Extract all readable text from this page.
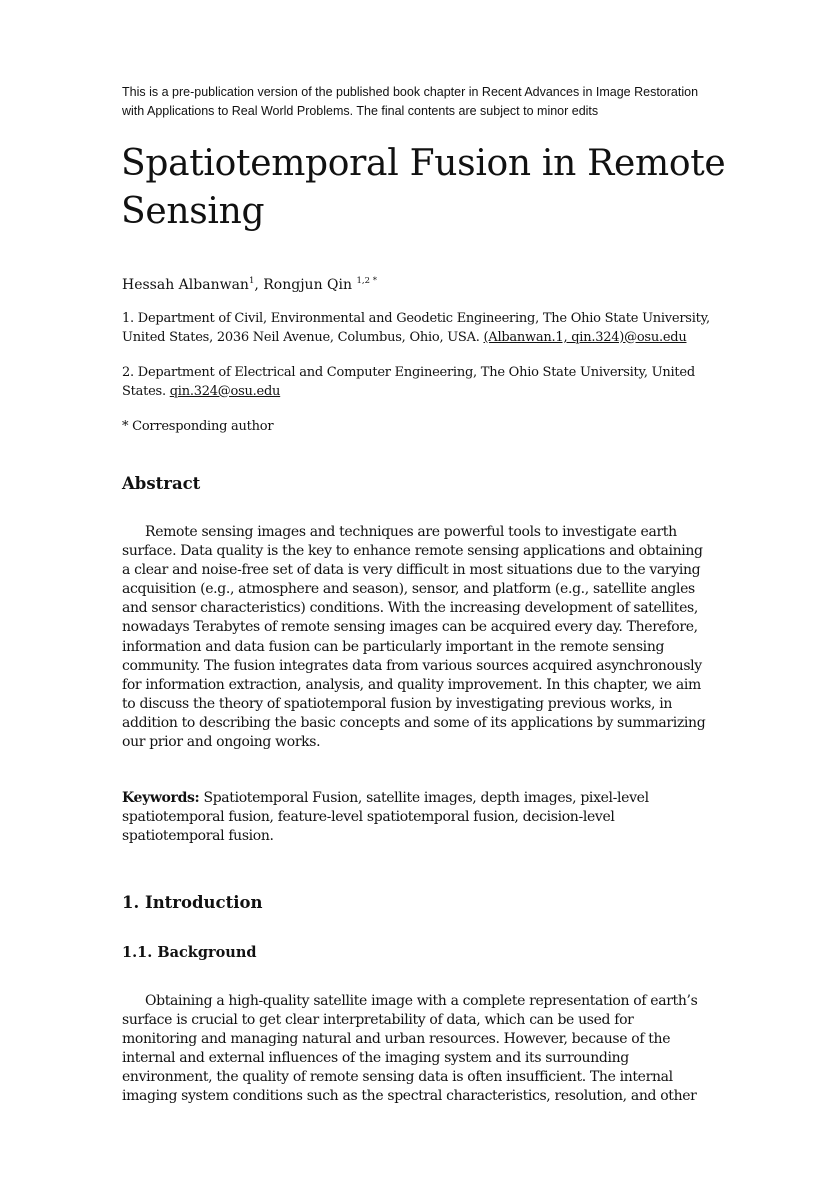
This is a pre-publication version of the published book chapter in Recent Advances in Image Restoration with Applications to Real World Problems. The final contents are subject to minor edits
Spatiotemporal Fusion in Remote
Sensing
Hessah Albanwan$^1$, Rongjun Qin $^{1,2 *}$
1. Department of Civil, Environmental and Geodetic Engineering, The Ohio State University, United States, 2036 Neil Avenue, Columbus, Ohio, USA. (Albanwan.1, qin.324)@osu.edu
2. Department of Electrical and Computer Engineering, The Ohio State University, United States. qin.324@osu.edu
* Corresponding author
Abstract

Remote sensing images and techniques are powerful tools to investigate earth surface. Data quality is the key to enhance remote sensing applications and obtaining a clear and noise-free set of data is very difficult in most situations due to the varying acquisition (e.g., atmosphere and season), sensor, and platform (e.g., satellite angles and sensor characteristics) conditions. With the increasing development of satellites, nowadays Terabytes of remote sensing images can be acquired every day. Therefore, information and data fusion can be particularly important in the remote sensing community. The fusion integrates data from various sources acquired asynchronously for information extraction, analysis, and quality improvement. In this chapter, we aim to discuss the theory of spatiotemporal fusion by investigating previous works, in addition to describing the basic concepts and some of its applications by summarizing our prior and ongoing works.

Keywords: Spatiotemporal Fusion, satellite images, depth images, pixel-level spatiotemporal fusion, feature-level spatiotemporal fusion, decision-level spatiotemporal fusion.

1. Introduction
1.1. Background

Obtaining a high-quality satellite image with a complete representation of earth’s surface is crucial to get clear interpretability of data, which can be used for monitoring and managing natural and urban resources. However, because of the internal and external influences of the imaging system and its surrounding environment, the quality of remote sensing data is often insufficient. The internal imaging system conditions such as the spectral characteristics, resolution, and other
